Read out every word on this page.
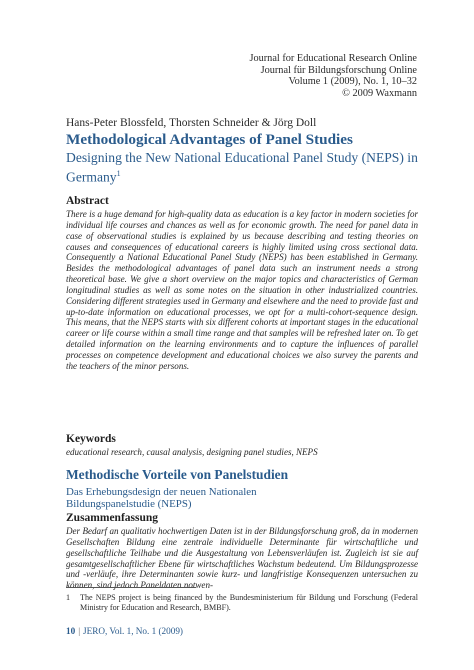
Journal for Educational Research Online
Journal für Bildungsforschung Online
Volume 1 (2009), No. 1, 10–32
© 2009 Waxmann
Hans-Peter Blossfeld, Thorsten Schneider & Jörg Doll
Methodological Advantages of Panel Studies
Designing the New National Educational Panel Study (NEPS) in Germany$^1$
Abstract
There is a huge demand for high-quality data as education is a key factor in modern societies for individual life courses and chances as well as for economic growth. The need for panel data in case of observational studies is explained by us because describing and testing theories on causes and consequences of educational careers is highly limited using cross sectional data. Consequently a National Educational Panel Study (NEPS) has been established in Germany. Besides the methodological advantages of panel data such an instrument needs a strong theoretical base. We give a short overview on the major topics and characteristics of German longitudinal studies as well as some notes on the situation in other industrialized countries. Considering different strategies used in Germany and elsewhere and the need to provide fast and up-to-date information on educational processes, we opt for a multi-cohort-sequence design. This means, that the NEPS starts with six different cohorts at important stages in the educational career or life course within a small time range and that samples will be refreshed later on. To get detailed information on the learning environments and to capture the influences of parallel processes on competence development and educational choices we also survey the parents and the teachers of the minor persons.
Keywords
educational research, causal analysis, designing panel studies, NEPS
Methodische Vorteile von Panelstudien
Das Erhebungsdesign der neuen Nationalen
Bildungspanelstudie (NEPS)
Zusammenfassung
Der Bedarf an qualitativ hochwertigen Daten ist in der Bildungsforschung groß, da in modernen Gesellschaften Bildung eine zentrale individuelle Determinante für wirtschaftliche und gesellschaftliche Teilhabe und die Ausgestaltung von Lebensverläufen ist. Zugleich ist sie auf gesamtgesellschaftlicher Ebene für wirtschaftliches Wachstum bedeutend. Um Bildungsprozesse und -verläufe, ihre Determinanten sowie kurz- und langfristige Konsequenzen untersuchen zu können, sind jedoch Paneldaten notwen-
1 The NEPS project is being financed by the Bundesministerium für Bildung und Forschung (Federal Ministry for Education and Research, BMBF).
10 | JERO, Vol. 1, No. 1 (2009)
